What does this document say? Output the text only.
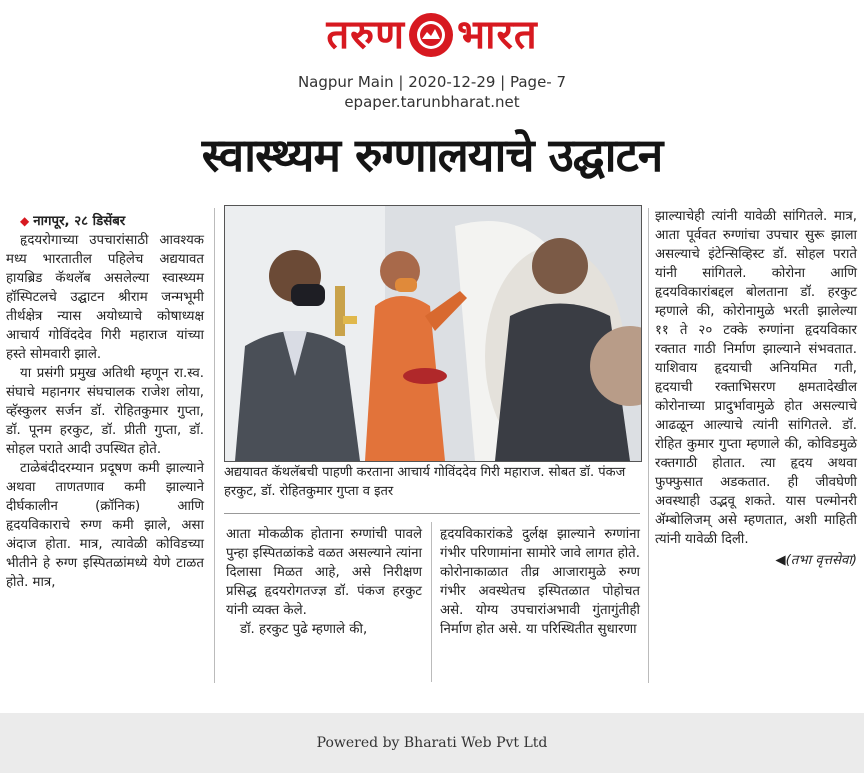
तरुण भारत
Nagpur Main | 2020-12-29 | Page- 7
epaper.tarunbharat.net
स्वास्थ्यम रुग्णालयाचे उद्घाटन

◆ नागपूर, २८ डिसेंबर

हृदयरोगाच्या उपचारांसाठी आवश्यक मध्य भारतातील पहिलेच अद्ययावत हायब्रिड कॅथलॅब असलेल्या स्वास्थ्यम हॉस्पिटलचे उद्घाटन श्रीराम जन्मभूमी तीर्थक्षेत्र न्यास अयोध्याचे कोषाध्यक्ष आचार्य गोविंददेव गिरी महाराज यांच्या हस्ते सोमवारी झाले.

या प्रसंगी प्रमुख अतिथी म्हणून रा.स्व. संघाचे महानगर संघचालक राजेश लोया, व्हॅस्कुलर सर्जन डॉ. रोहितकुमार गुप्ता, डॉ. पूनम हरकुट, डॉ. प्रीती गुप्ता, डॉ. सोहल पराते आदी उपस्थित होते.

टाळेबंदीदरम्यान प्रदूषण कमी झाल्याने अथवा ताणतणाव कमी झाल्याने दीर्घकालीन (क्रॉनिक) आणि हृदयविकाराचे रुग्ण कमी झाले, असा अंदाज होता. मात्र, त्यावेळी कोविडच्या भीतीने हे रुग्ण इस्पितळांमध्ये येणे टाळत होते. मात्र,

अद्ययावत कॅथलॅबची पाहणी करताना आचार्य गोविंददेव गिरी महाराज. सोबत डॉ. पंकज हरकुट, डॉ. रोहितकुमार गुप्ता व इतर

आता मोकळीक होताना रुग्णांची पावले पुन्हा इस्पितळांकडे वळत असल्याने त्यांना दिलासा मिळत आहे, असे निरीक्षण प्रसिद्ध हृदयरोगतज्ज्ञ डॉ. पंकज हरकुट यांनी व्यक्त केले.

डॉ. हरकुट पुढे म्हणाले की,

हृदयविकारांकडे दुर्लक्ष झाल्याने रुग्णांना गंभीर परिणामांना सामोरे जावे लागत होते. कोरोनाकाळात तीव्र आजारामुळे रुग्ण गंभीर अवस्थेतच इस्पितळात पोहोचत असे. योग्य उपचारांअभावी गुंतागुंतीही निर्माण होत असे. या परिस्थितीत सुधारणा

झाल्याचेही त्यांनी यावेळी सांगितले. मात्र, आता पूर्ववत रुग्णांचा उपचार सुरू झाला असल्याचे इंटेन्सिव्हिस्ट डॉ. सोहल पराते यांनी सांगितले. कोरोना आणि हृदयविकारांबद्दल बोलताना डॉ. हरकुट म्हणाले की, कोरोनामुळे भरती झालेल्या ११ ते २० टक्के रुग्णांना हृदयविकार रक्तात गाठी निर्माण झाल्याने संभवतात. याशिवाय हृदयाची अनियमित गती, हृदयाची रक्ताभिसरण क्षमतादेखील कोरोनाच्या प्रादुर्भावामुळे होत असल्याचे आढळून आल्याचे त्यांनी सांगितले. डॉ. रोहित कुमार गुप्ता म्हणाले की, कोविडमुळे रक्तगाठी होतात. त्या हृदय अथवा फुफ्फुसात अडकतात. ही जीवघेणी अवस्थाही उद्भवू शकते. यास पल्मोनरी ॲम्बोलिजम् असे म्हणतात, अशी माहिती त्यांनी यावेळी दिली.

◀(तभा वृत्तसेवा)
Powered by Bharati Web Pvt Ltd
